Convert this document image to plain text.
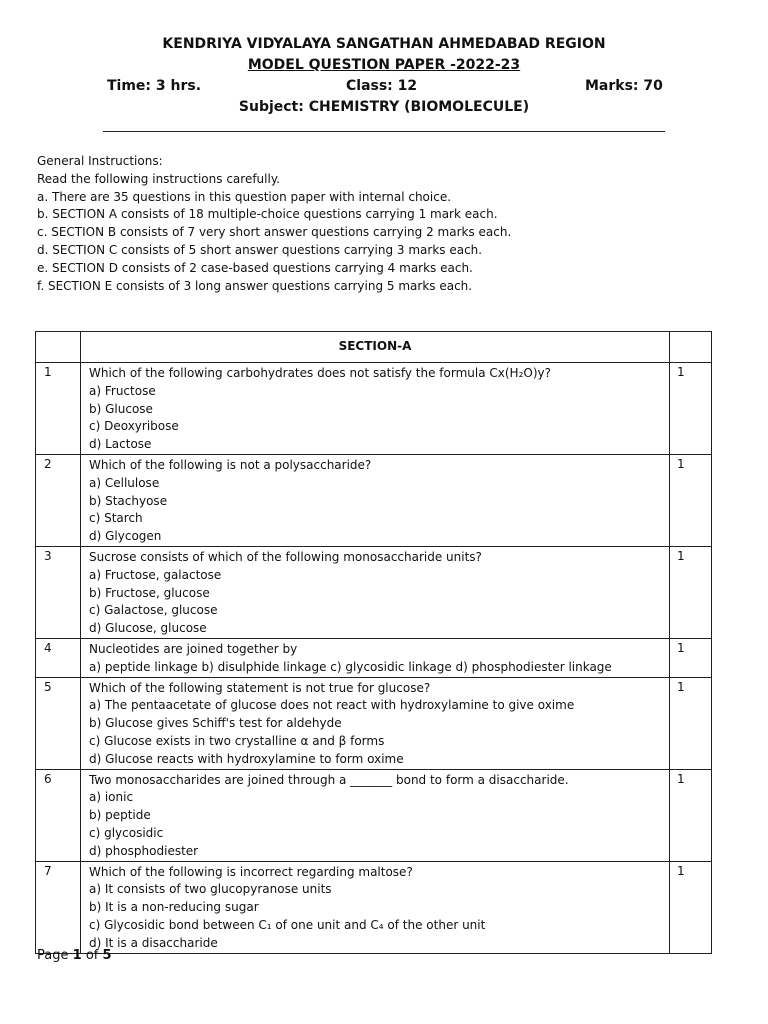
KENDRIYA VIDYALAYA SANGATHAN AHMEDABAD REGION
MODEL QUESTION PAPER -2022-23
Time: 3 hrs.	Class: 12	Marks: 70
Subject: CHEMISTRY (BIOMOLECULE)
General Instructions:
Read the following instructions carefully.
a. There are 35 questions in this question paper with internal choice.
b. SECTION A consists of 18 multiple-choice questions carrying 1 mark each.
c. SECTION B consists of 7 very short answer questions carrying 2 marks each.
d. SECTION C consists of 5 short answer questions carrying 3 marks each.
e. SECTION D consists of 2 case-based questions carrying 4 marks each.
f. SECTION E consists of 3 long answer questions carrying 5 marks each.
	SECTION-A	
1	Which of the following carbohydrates does not satisfy the formula Cx(H₂O)y?
a) Fructose
b) Glucose
c) Deoxyribose
d) Lactose	1
2	Which of the following is not a polysaccharide?
a) Cellulose
b) Stachyose
c) Starch
d) Glycogen	1
3	Sucrose consists of which of the following monosaccharide units?
a) Fructose, galactose
b) Fructose, glucose
c) Galactose, glucose
d) Glucose, glucose	1
4	Nucleotides are joined together by
a) peptide linkage b) disulphide linkage c) glycosidic linkage d) phosphodiester linkage	1
5	Which of the following statement is not true for glucose?
a) The pentaacetate of glucose does not react with hydroxylamine to give oxime
b) Glucose gives Schiff's test for aldehyde
c) Glucose exists in two crystalline α and β forms
d) Glucose reacts with hydroxylamine to form oxime	1
6	Two monosaccharides are joined through a _______ bond to form a disaccharide.
a) ionic
b) peptide
c) glycosidic
d) phosphodiester	1
7	Which of the following is incorrect regarding maltose?
a) It consists of two glucopyranose units
b) It is a non-reducing sugar
c) Glycosidic bond between C₁ of one unit and C₄ of the other unit
d) It is a disaccharide	1
Page 1 of 5
